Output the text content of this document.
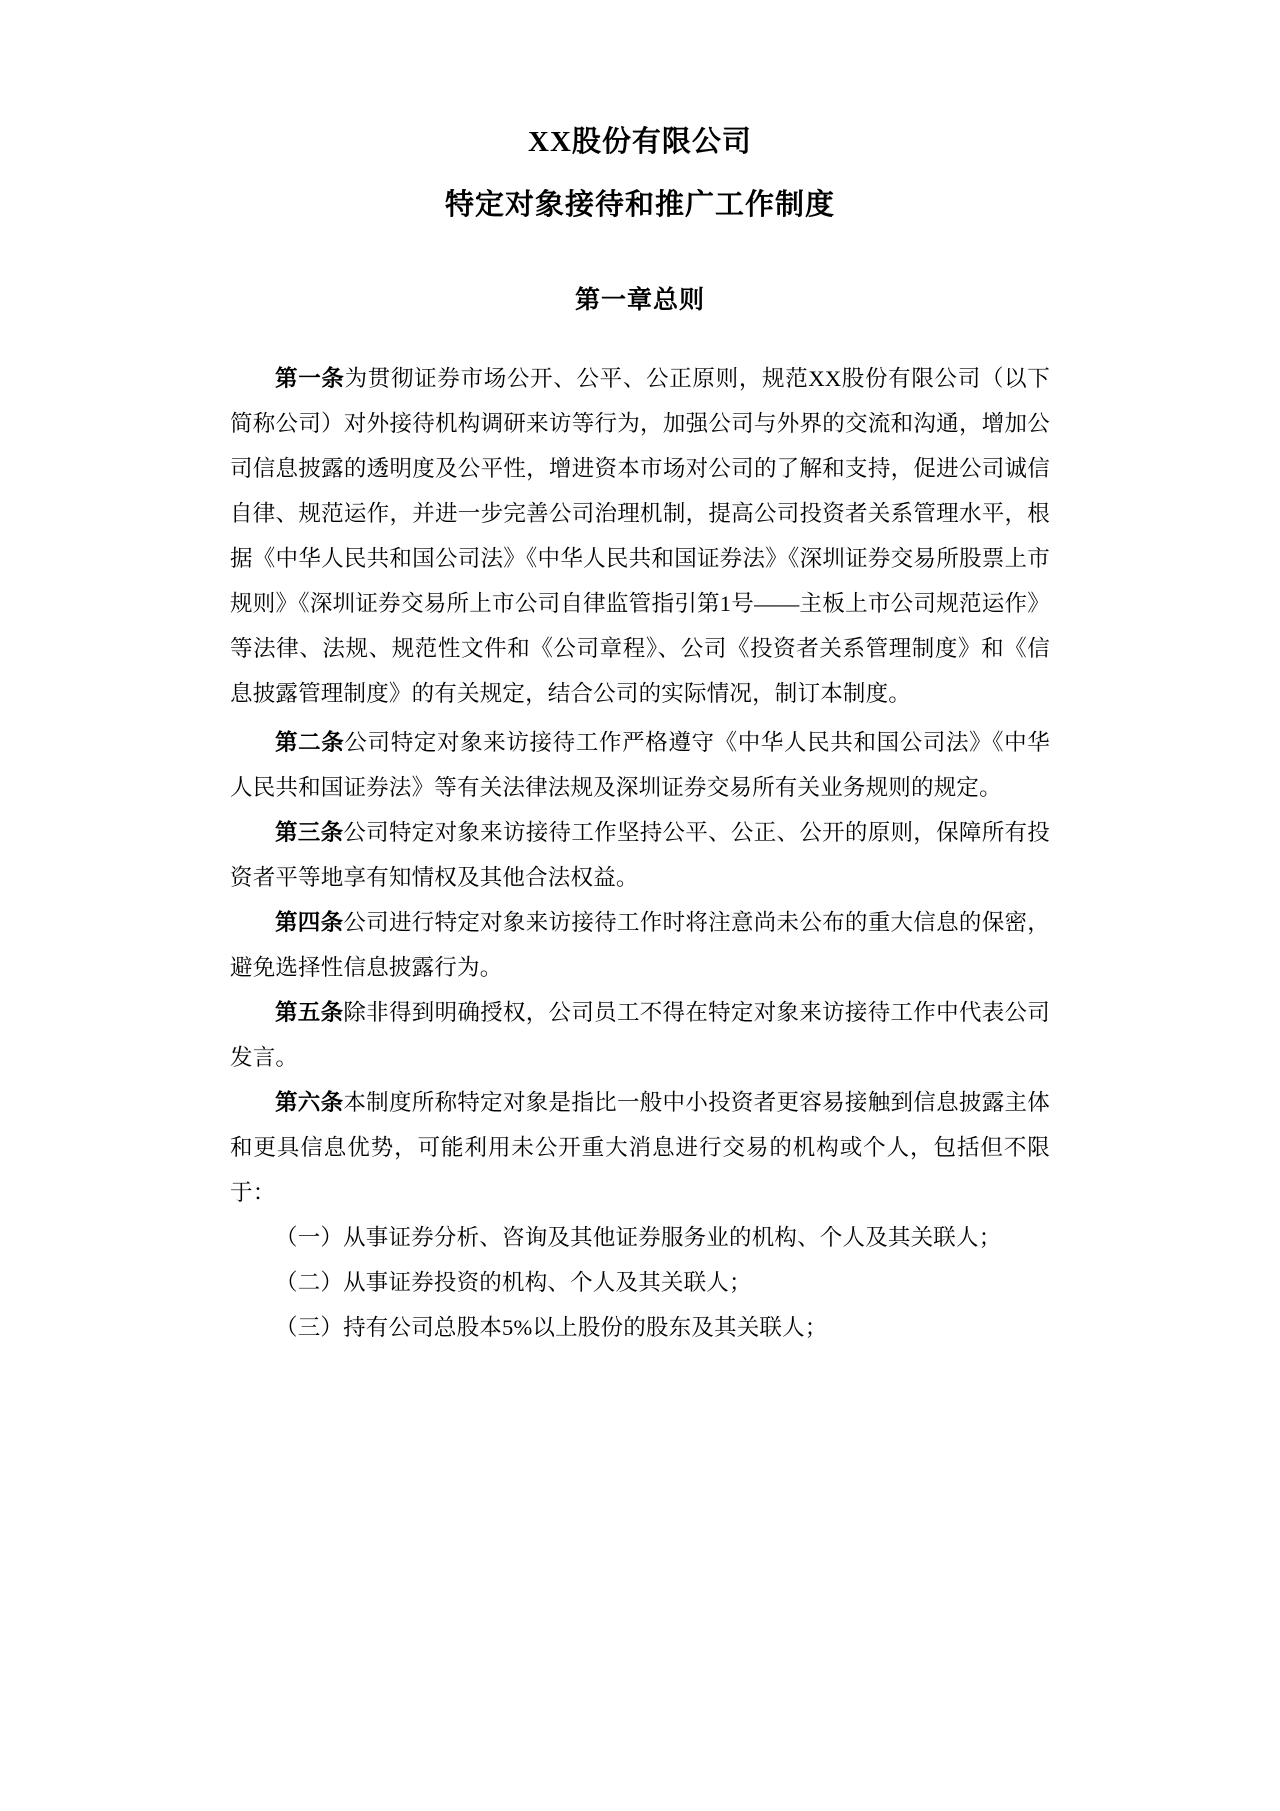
XX股份有限公司
特定对象接待和推广工作制度
第一章总则

第一条为贯彻证券市场公开、公平、公正原则，规范XX股份有限公司（以下简称公司）对外接待机构调研来访等行为，加强公司与外界的交流和沟通，增加公司信息披露的透明度及公平性，增进资本市场对公司的了解和支持，促进公司诚信自律、规范运作，并进一步完善公司治理机制，提高公司投资者关系管理水平，根据《中华人民共和国公司法》《中华人民共和国证券法》《深圳证券交易所股票上市规则》《深圳证券交易所上市公司自律监管指引第1号——主板上市公司规范运作》等法律、法规、规范性文件和《公司章程》、公司《投资者关系管理制度》和《信息披露管理制度》的有关规定，结合公司的实际情况，制订本制度。

第二条公司特定对象来访接待工作严格遵守《中华人民共和国公司法》《中华人民共和国证券法》等有关法律法规及深圳证券交易所有关业务规则的规定。

第三条公司特定对象来访接待工作坚持公平、公正、公开的原则，保障所有投资者平等地享有知情权及其他合法权益。

第四条公司进行特定对象来访接待工作时将注意尚未公布的重大信息的保密，避免选择性信息披露行为。

第五条除非得到明确授权，公司员工不得在特定对象来访接待工作中代表公司发言。

第六条本制度所称特定对象是指比一般中小投资者更容易接触到信息披露主体和更具信息优势，可能利用未公开重大消息进行交易的机构或个人，包括但不限于：

（一）从事证券分析、咨询及其他证券服务业的机构、个人及其关联人；

（二）从事证券投资的机构、个人及其关联人；

（三）持有公司总股本5%以上股份的股东及其关联人；
